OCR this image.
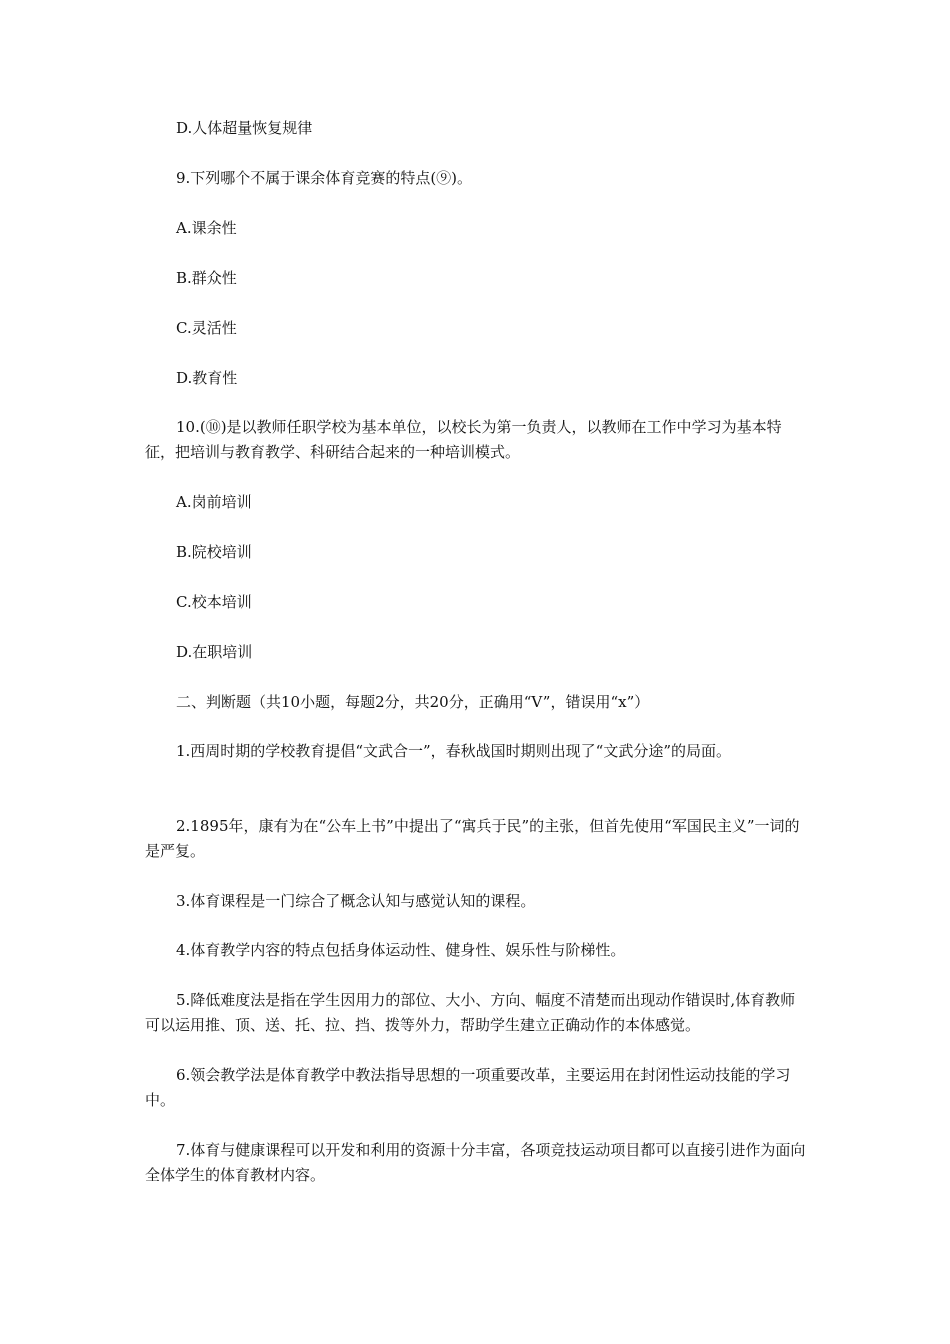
D.人体超量恢复规律

9.下列哪个不属于课余体育竞赛的特点(⑨)。

A.课余性

B.群众性

C.灵活性

D.教育性

10.(⑩)是以教师任职学校为基本单位，以校长为第一负责人，以教师在工作中学习为基本特征，把培训与教育教学、科研结合起来的一种培训模式。

A.岗前培训

B.院校培训

C.校本培训

D.在职培训

二、判断题（共10小题，每题2分，共20分，正确用“V”，错误用“x”）

1.西周时期的学校教育提倡“文武合一”，春秋战国时期则出现了“文武分途”的局面。

2.1895年，康有为在“公车上书”中提出了“寓兵于民”的主张，但首先使用“军国民主义”一词的是严复。

3.体育课程是一门综合了概念认知与感觉认知的课程。

4.体育教学内容的特点包括身体运动性、健身性、娱乐性与阶梯性。

5.降低难度法是指在学生因用力的部位、大小、方向、幅度不清楚而出现动作错误时,体育教师可以运用推、顶、送、托、拉、挡、拨等外力，帮助学生建立正确动作的本体感觉。

6.领会教学法是体育教学中教法指导思想的一项重要改革，主要运用在封闭性运动技能的学习中。

7.体育与健康课程可以开发和利用的资源十分丰富，各项竞技运动项目都可以直接引进作为面向全体学生的体育教材内容。
